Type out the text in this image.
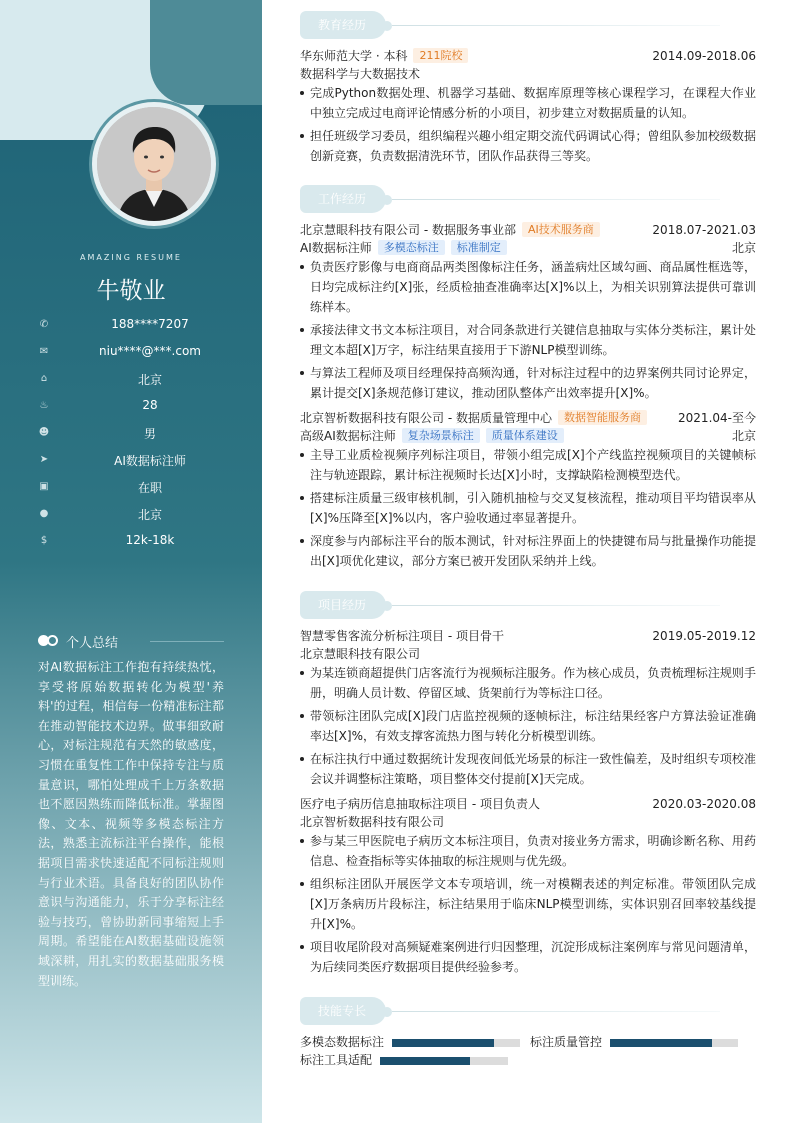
AMAZING RESUME
牛敬业
✆	188****7207
✉	niu****@***.com
⌂	北京
♨	28
☻	男
➤	AI数据标注师
▣	在职
●	北京
$	12k-18k
个人总结
对AI数据标注工作抱有持续热忱，享受将原始数据转化为模型'养料'的过程，相信每一份精准标注都在推动智能技术边界。做事细致耐心，对标注规范有天然的敏感度，习惯在重复性工作中保持专注与质量意识，哪怕处理成千上万条数据也不愿因熟练而降低标准。掌握图像、文本、视频等多模态标注方法，熟悉主流标注平台操作，能根据项目需求快速适配不同标注规则与行业术语。具备良好的团队协作意识与沟通能力，乐于分享标注经验与技巧，曾协助新同事缩短上手周期。希望能在AI数据基础设施领域深耕，用扎实的数据基础服务模型训练。
教育经历
华东师范大学 · 本科 211院校	2014.09-2018.06
数据科学与大数据技术
完成Python数据处理、机器学习基础、数据库原理等核心课程学习，在课程大作业中独立完成过电商评论情感分析的小项目，初步建立对数据质量的认知。
担任班级学习委员，组织编程兴趣小组定期交流代码调试心得；曾组队参加校级数据创新竞赛，负责数据清洗环节，团队作品获得三等奖。
工作经历
北京慧眼科技有限公司 - 数据服务事业部 AI技术服务商	2018.07-2021.03
AI数据标注师 多模态标注 标准制定	北京
负责医疗影像与电商商品两类图像标注任务，涵盖病灶区域勾画、商品属性框选等，日均完成标注约[X]张，经质检抽查准确率达[X]%以上，为相关识别算法提供可靠训练样本。
承接法律文书文本标注项目，对合同条款进行关键信息抽取与实体分类标注，累计处理文本超[X]万字，标注结果直接用于下游NLP模型训练。
与算法工程师及项目经理保持高频沟通，针对标注过程中的边界案例共同讨论界定，累计提交[X]条规范修订建议，推动团队整体产出效率提升[X]%。
北京智析数据科技有限公司 - 数据质量管理中心 数据智能服务商	2021.04-至今
高级AI数据标注师 复杂场景标注 质量体系建设	北京
主导工业质检视频序列标注项目，带领小组完成[X]个产线监控视频项目的关键帧标注与轨迹跟踪，累计标注视频时长达[X]小时，支撑缺陷检测模型迭代。
搭建标注质量三级审核机制，引入随机抽检与交叉复核流程，推动项目平均错误率从[X]%压降至[X]%以内，客户验收通过率显著提升。
深度参与内部标注平台的版本测试，针对标注界面上的快捷键布局与批量操作功能提出[X]项优化建议，部分方案已被开发团队采纳并上线。
项目经历
智慧零售客流分析标注项目 - 项目骨干	2019.05-2019.12
北京慧眼科技有限公司
为某连锁商超提供门店客流行为视频标注服务。作为核心成员，负责梳理标注规则手册，明确人员计数、停留区域、货架前行为等标注口径。
带领标注团队完成[X]段门店监控视频的逐帧标注，标注结果经客户方算法验证准确率达[X]%，有效支撑客流热力图与转化分析模型训练。
在标注执行中通过数据统计发现夜间低光场景的标注一致性偏差，及时组织专项校准会议并调整标注策略，项目整体交付提前[X]天完成。
医疗电子病历信息抽取标注项目 - 项目负责人	2020.03-2020.08
北京智析数据科技有限公司
参与某三甲医院电子病历文本标注项目，负责对接业务方需求，明确诊断名称、用药信息、检查指标等实体抽取的标注规则与优先级。
组织标注团队开展医学文本专项培训，统一对模糊表述的判定标准。带领团队完成[X]万条病历片段标注，标注结果用于临床NLP模型训练，实体识别召回率较基线提升[X]%。
项目收尾阶段对高频疑难案例进行归因整理，沉淀形成标注案例库与常见问题清单，为后续同类医疗数据项目提供经验参考。
技能专长
多模态数据标注	标注质量管控
标注工具适配
